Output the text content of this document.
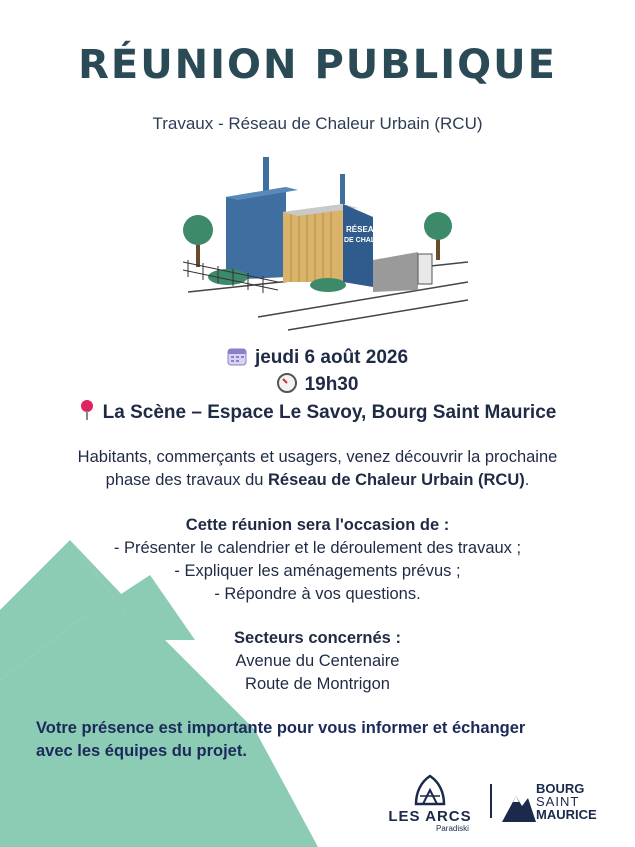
RÉUNION PUBLIQUE
Travaux - Réseau de Chaleur Urbain (RCU)
RÉSEAU
DE CHALEUR
jeudi 6 août 2026
19h30
La Scène – Espace Le Savoy, Bourg Saint Maurice
Habitants, commerçants et usagers, venez découvrir la prochaine
phase des travaux du Réseau de Chaleur Urbain (RCU).
Cette réunion sera l'occasion de :
- Présenter le calendrier et le déroulement des travaux ;
- Expliquer les aménagements prévus ;
- Répondre à vos questions.
Secteurs concernés :
Avenue du Centenaire
Route de Montrigon
Votre présence est importante pour vous informer et échanger
avec les équipes du projet.
LES ARCS
Paradiski
BOURG
SAINT
MAURICE
